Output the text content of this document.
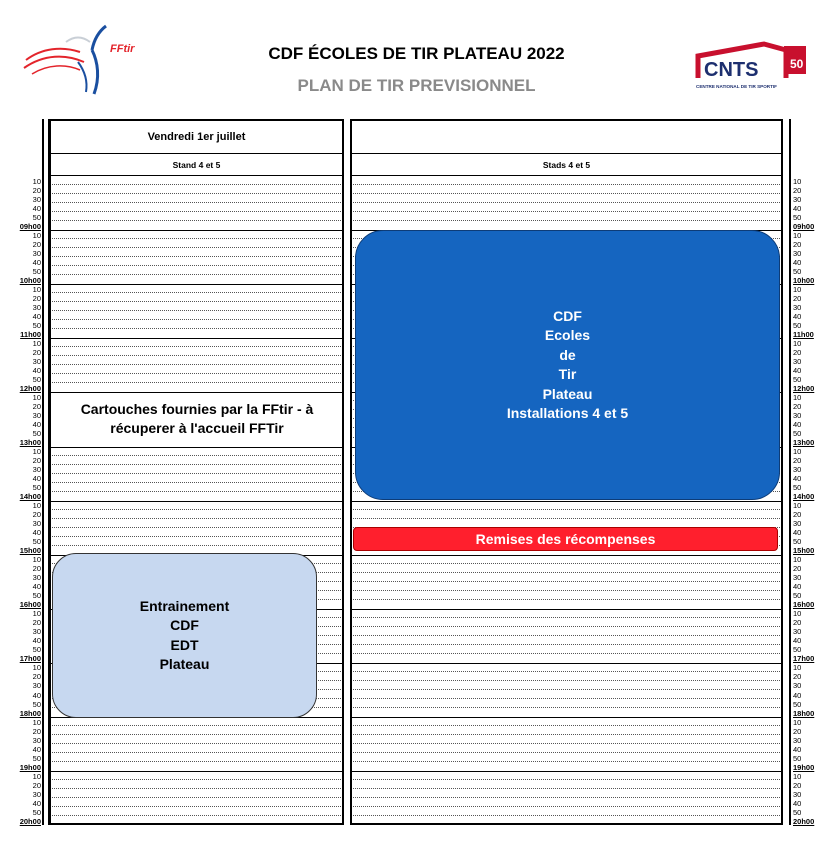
FFtir
CNTS	50
CENTRE NATIONAL DE TIR SPORTIF
CDF ÉCOLES DE TIR PLATEAU 2022
PLAN DE TIR PREVISIONNEL
Vendredi 1er juillet
Stand 4 et 5	Stads 4 et 5
10	10
20	20
30	30
40	40
50	50
09h00	09h00
10	10
20	20
30	30
40	40
50	50
10h00	10h00
10	10
20	20
30	30
40	40
50	50
11h00	11h00
10	10
20	20
30	30
40	40
50	50
12h00	12h00
10	10
20	20
30	30
40	40
50	50
13h00	13h00
10	10
20	20
30	30
40	40
50	50
14h00	14h00
10	10
20	20
30	30
40	40
50	50
15h00	15h00
10	10
20	20
30	30
40	40
50	50
16h00	16h00
10	10
20	20
30	30
40	40
50	50
17h00	17h00
10	10
20	20
30	30
40	40
50	50
18h00	18h00
10	10
20	20
30	30
40	40
50	50
19h00	19h00
10	10
20	20
30	30
40	40
50	50
20h00	20h00
Cartouches fournies par la FFtir - à
récuperer à l'accueil FFTir
CDF
Ecoles
de
Tir
Plateau
Installations 4 et 5
Remises des récompenses
Entrainement
CDF
EDT
Plateau
